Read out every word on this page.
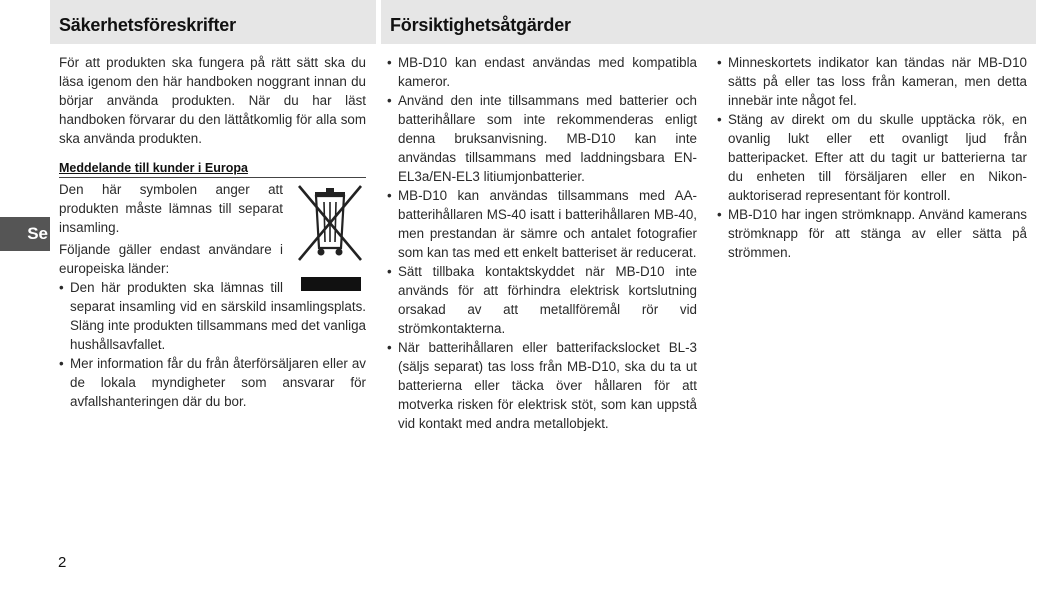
Säkerhetsföreskrifter	Försiktighetsåtgärder
Se

För att produkten ska fungera på rätt sätt ska du läsa igenom den här handboken noggrant innan du börjar använda produkten. När du har läst handboken förvarar du den lättåtkomlig för alla som ska använda produkten.

Meddelande till kunder i Europa

Den här symbolen anger att produkten måste lämnas till separat insamling.

Följande gäller endast användare i europeiska länder:

• Den här produkten ska lämnas till separat insamling vid en särskild insamlingsplats. Släng inte produkten tillsammans med det vanliga hushållsavfallet.
• Mer information får du från återförsäljaren eller av de lokala myndigheter som ansvarar för avfallshanteringen där du bor.
• MB-D10 kan endast användas med kompatibla kameror.
• Använd den inte tillsammans med batterier och batterihållare som inte rekommenderas enligt denna bruksanvisning. MB-D10 kan inte användas tillsammans med laddningsbara EN-EL3a/EN-EL3 litiumjonbatterier.
• MB-D10 kan användas tillsammans med AA-batterihållaren MS-40 isatt i batterihållaren MB-40, men prestandan är sämre och antalet fotografier som kan tas med ett enkelt batteriset är reducerat.
• Sätt tillbaka kontaktskyddet när MB-D10 inte används för att förhindra elektrisk kortslutning orsakad av att metallföremål rör vid strömkontakterna.
• När batterihållaren eller batterifackslocket BL-3 (säljs separat) tas loss från MB-D10, ska du ta ut batterierna eller täcka över hållaren för att motverka risken för elektrisk stöt, som kan uppstå vid kontakt med andra metallobjekt.
• Minneskortets indikator kan tändas när MB-D10 sätts på eller tas loss från kameran, men detta innebär inte något fel.
• Stäng av direkt om du skulle upptäcka rök, en ovanlig lukt eller ett ovanligt ljud från batteripacket. Efter att du tagit ur batterierna tar du enheten till försäljaren eller en Nikon-auktoriserad representant för kontroll.
• MB-D10 har ingen strömknapp. Använd kamerans strömknapp för att stänga av eller sätta på strömmen.
2
